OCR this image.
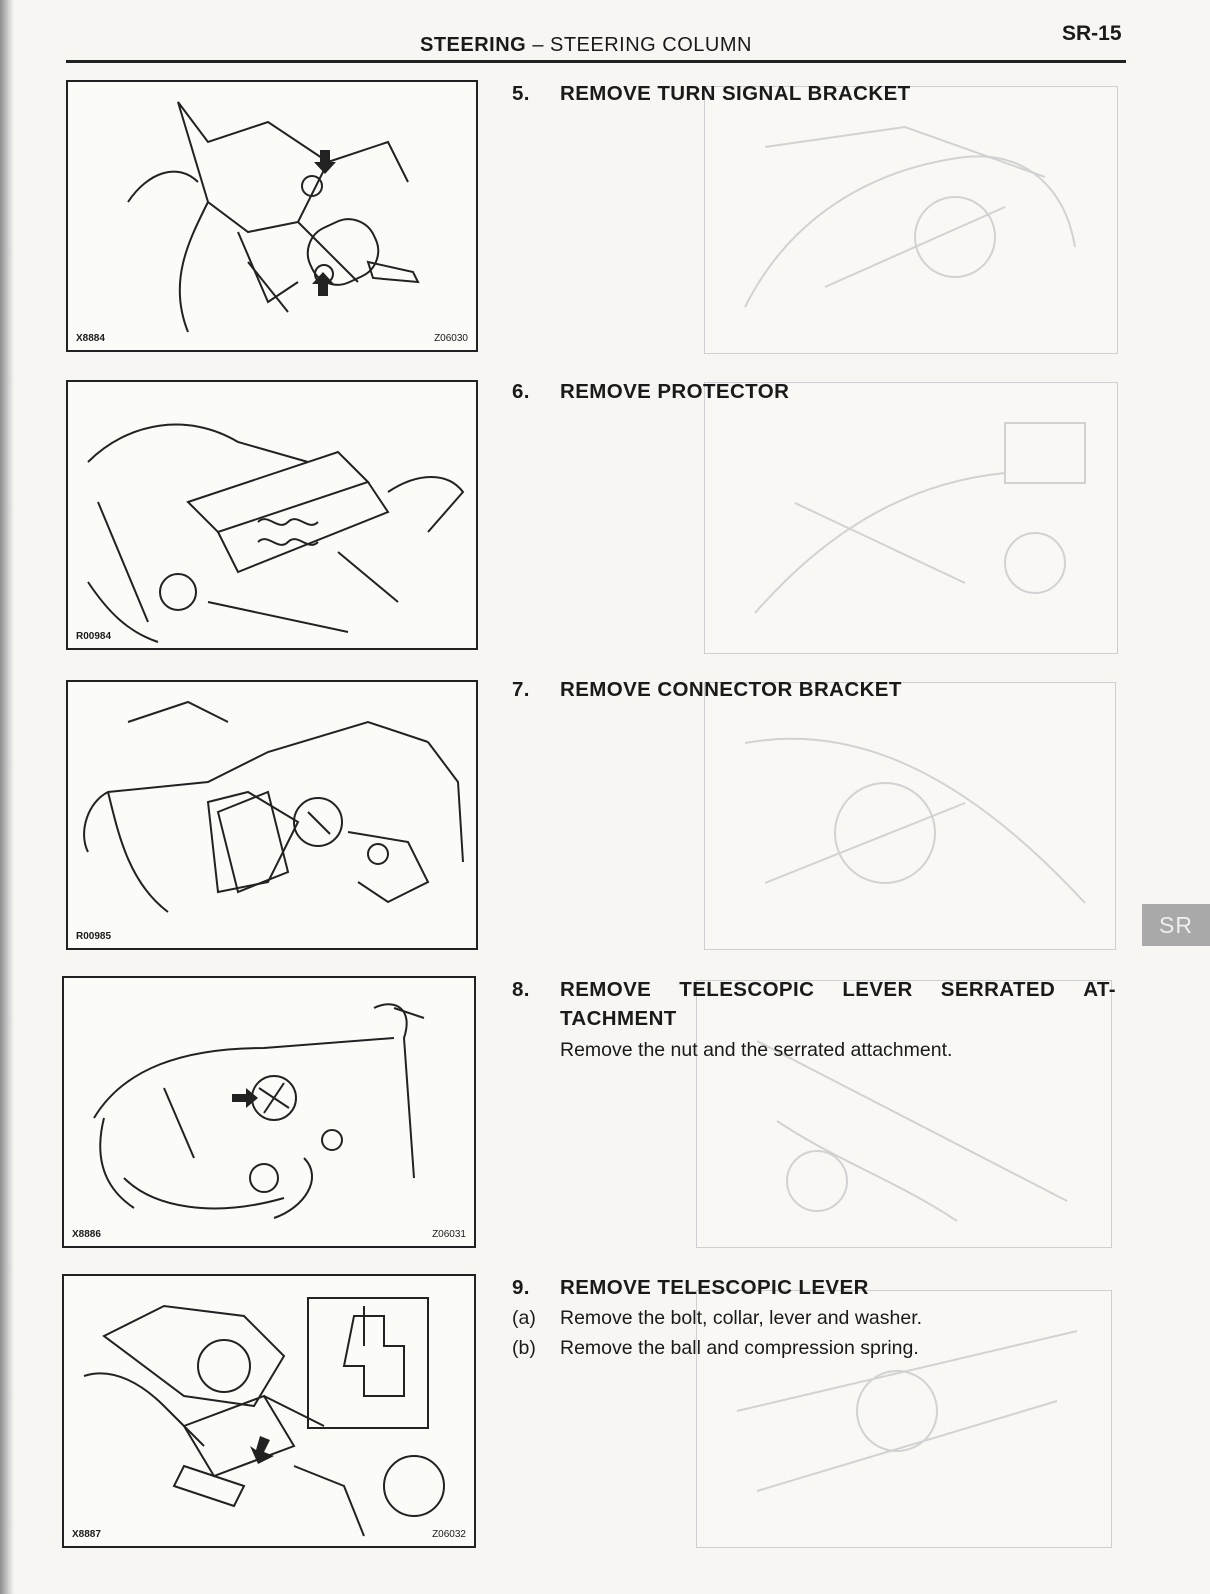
STEERING – STEERING COLUMN	SR-15
SR
X8884	Z06030
5. REMOVE TURN SIGNAL BRACKET
R00984
6. REMOVE PROTECTOR
R00985
7. REMOVE CONNECTOR BRACKET
X8886	Z06031
8. REMOVE TELESCOPIC LEVER SERRATED AT-
TACHMENT
Remove the nut and the serrated attachment.
X8887	Z06032
9. REMOVE TELESCOPIC LEVER
(a) Remove the bolt, collar, lever and washer.
(b) Remove the ball and compression spring.
